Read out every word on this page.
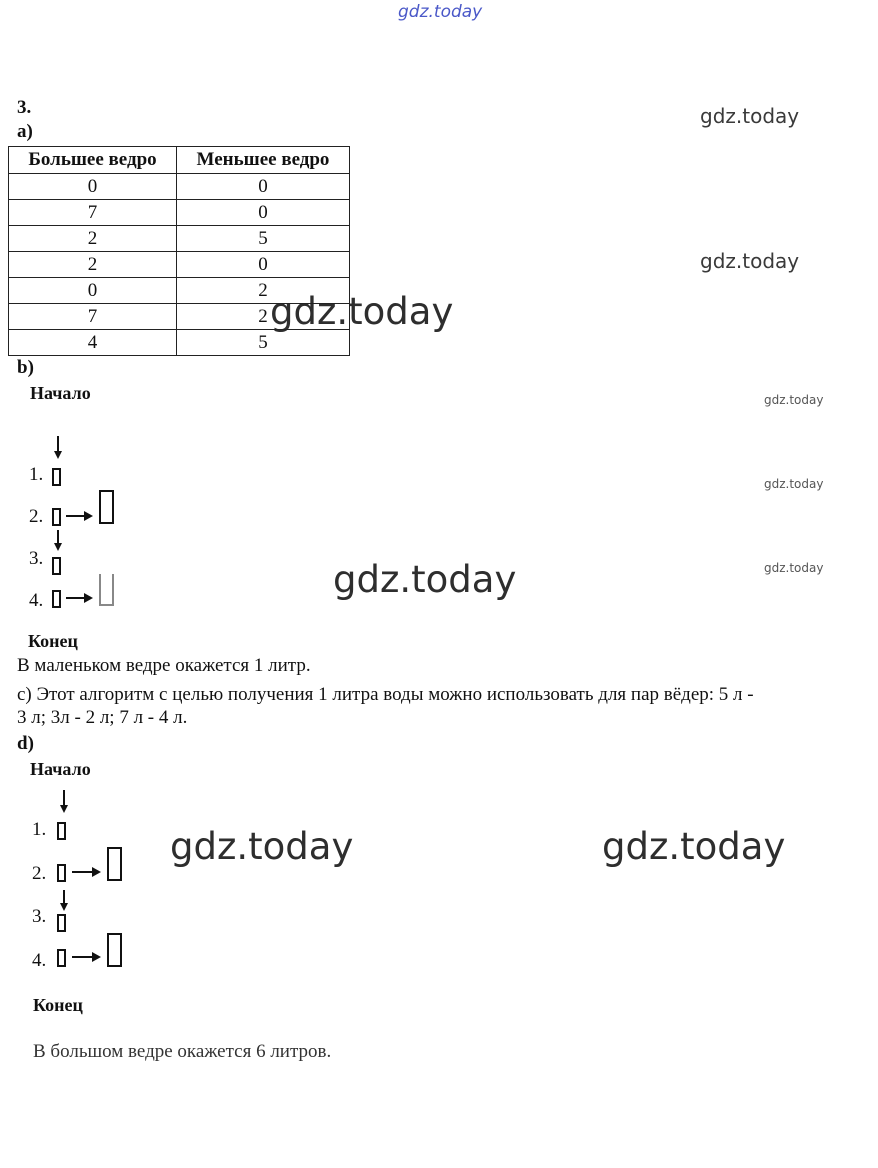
gdz.today
gdz.today
gdz.today
gdz.today
gdz.today
gdz.today
gdz.today
gdz.today
gdz.today	gdz.today
3.
a)
Большее ведро	Меньшее ведро
0	0
7	0
2	5
2	0
0	2
7	2
4	5
b)
Начало
1.
2.
3.
4.
Конец
В маленьком ведре окажется 1 литр.
c) Этот алгоритм с целью получения 1 литра воды можно использовать для пар вёдер: 5 л -
3 л; 3л - 2 л; 7 л - 4 л.
d)
Начало
1.
2.
3.
4.
Конец
В большом ведре окажется 6 литров.
